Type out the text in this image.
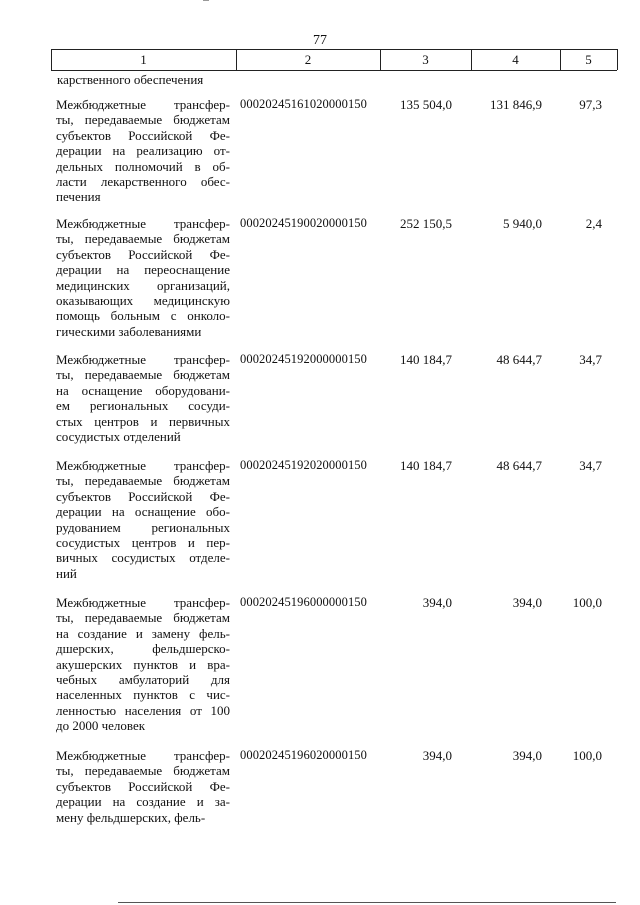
77
1	2	3	4	5
карственного обеспечения
Межбюджетные трансфер-
ты, передаваемые бюджетам
субъектов Российской Фе-
дерации на реализацию от-
дельных полномочий в об-
ласти лекарственного обес-
печения
00020245161020000150	135 504,0	131 846,9	97,3
Межбюджетные трансфер-
ты, передаваемые бюджетам
субъектов Российской Фе-
дерации на переоснащение
медицинских организаций,
оказывающих медицинскую
помощь больным с онколо-
гическими заболеваниями
00020245190020000150	252 150,5	5 940,0	2,4
Межбюджетные трансфер-
ты, передаваемые бюджетам
на оснащение оборудовани-
ем региональных сосуди-
стых центров и первичных
сосудистых отделений
00020245192000000150	140 184,7	48 644,7	34,7
Межбюджетные трансфер-
ты, передаваемые бюджетам
субъектов Российской Фе-
дерации на оснащение обо-
рудованием региональных
сосудистых центров и пер-
вичных сосудистых отделе-
ний
00020245192020000150	140 184,7	48 644,7	34,7
Межбюджетные трансфер-
ты, передаваемые бюджетам
на создание и замену фель-
дшерских, фельдшерско-
акушерских пунктов и вра-
чебных амбулаторий для
населенных пунктов с чис-
ленностью населения от 100
до 2000 человек
00020245196000000150	394,0	394,0	100,0
Межбюджетные трансфер-
ты, передаваемые бюджетам
субъектов Российской Фе-
дерации на создание и за-
мену фельдшерских, фель-
00020245196020000150	394,0	394,0	100,0
